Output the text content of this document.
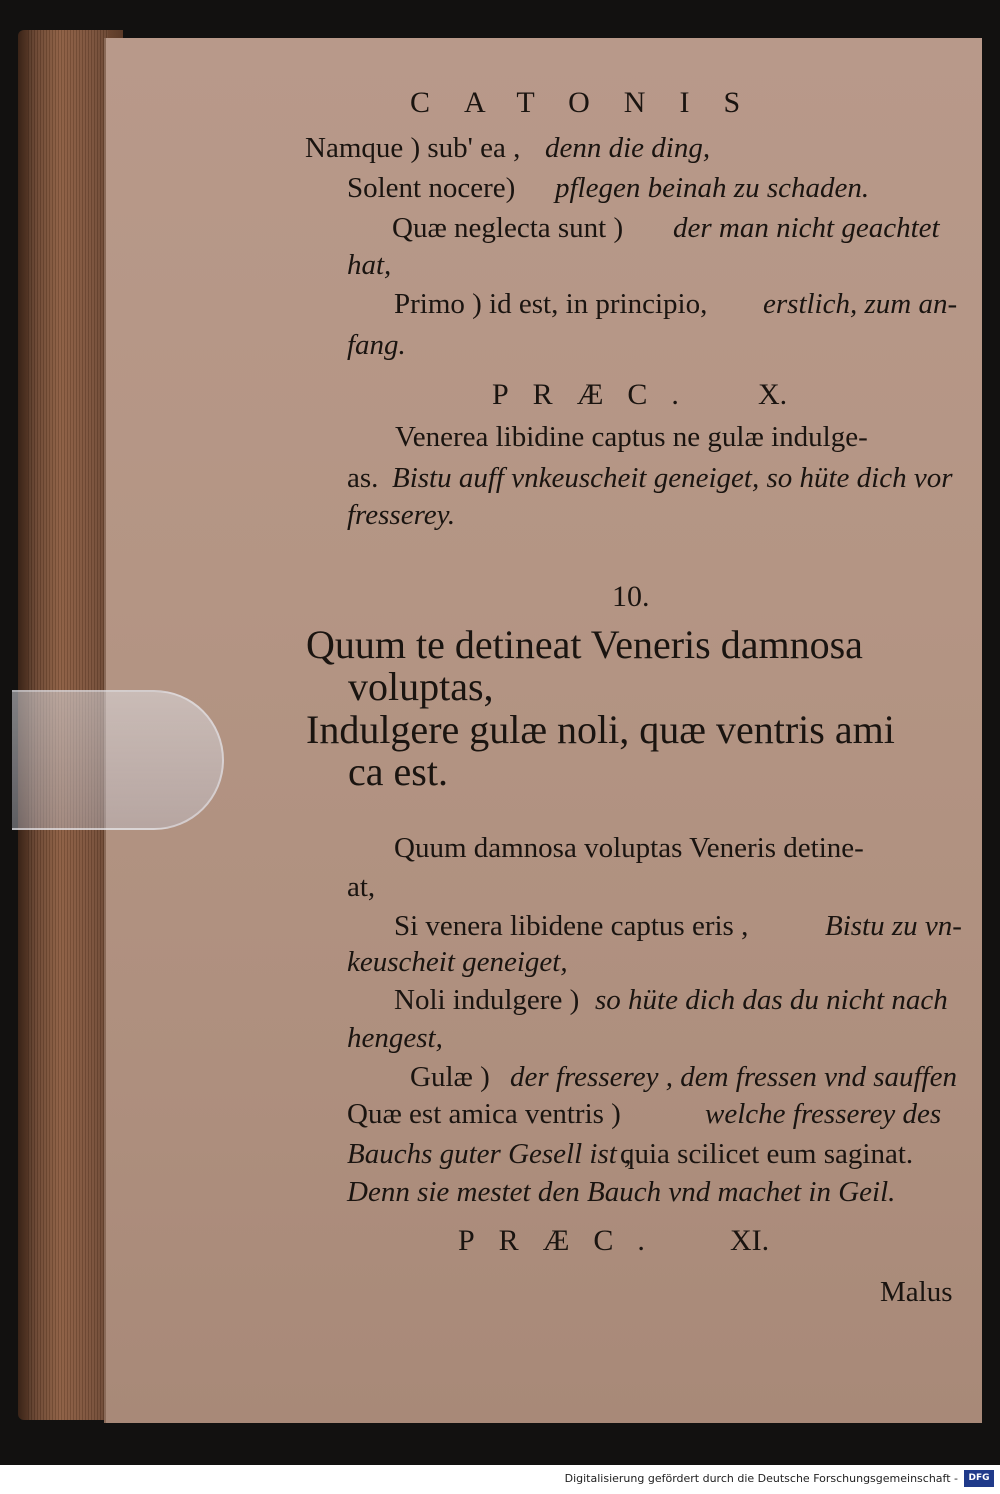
CATONIS
Namque ) sub' ea , denn die ding,
Solent nocere) pflegen beinah zu schaden.
Quæ neglecta sunt ) der man nicht geachtet
hat,
Primo ) id est, in principio, erstlich, zum an-
fang.
PRÆC. X.
Venerea libidine captus ne gulæ indulge-
as. Bistu auff vnkeuscheit geneiget, so hüte dich vor
fresserey.
10.
Quum te detineat Veneris damnosa
voluptas,
Indulgere gulæ noli, quæ ventris ami
ca est.
Quum damnosa voluptas Veneris detine-
at,
Si venera libidene captus eris ,	Bistu zu vn-
keuscheit geneiget,
Noli indulgere ) so hüte dich das du nicht nach
hengest,
Gulæ ) der fresserey , dem fressen vnd sauffen
Quæ est amica ventris )	welche fresserey des
Bauchs guter Gesell ist ,
quia scilicet eum saginat.
Denn sie mestet den Bauch vnd machet in Geil.
PRÆC. XI.
Malus
Digitalisierung gefördert durch die Deutsche Forschungsgemeinschaft -	DFG
